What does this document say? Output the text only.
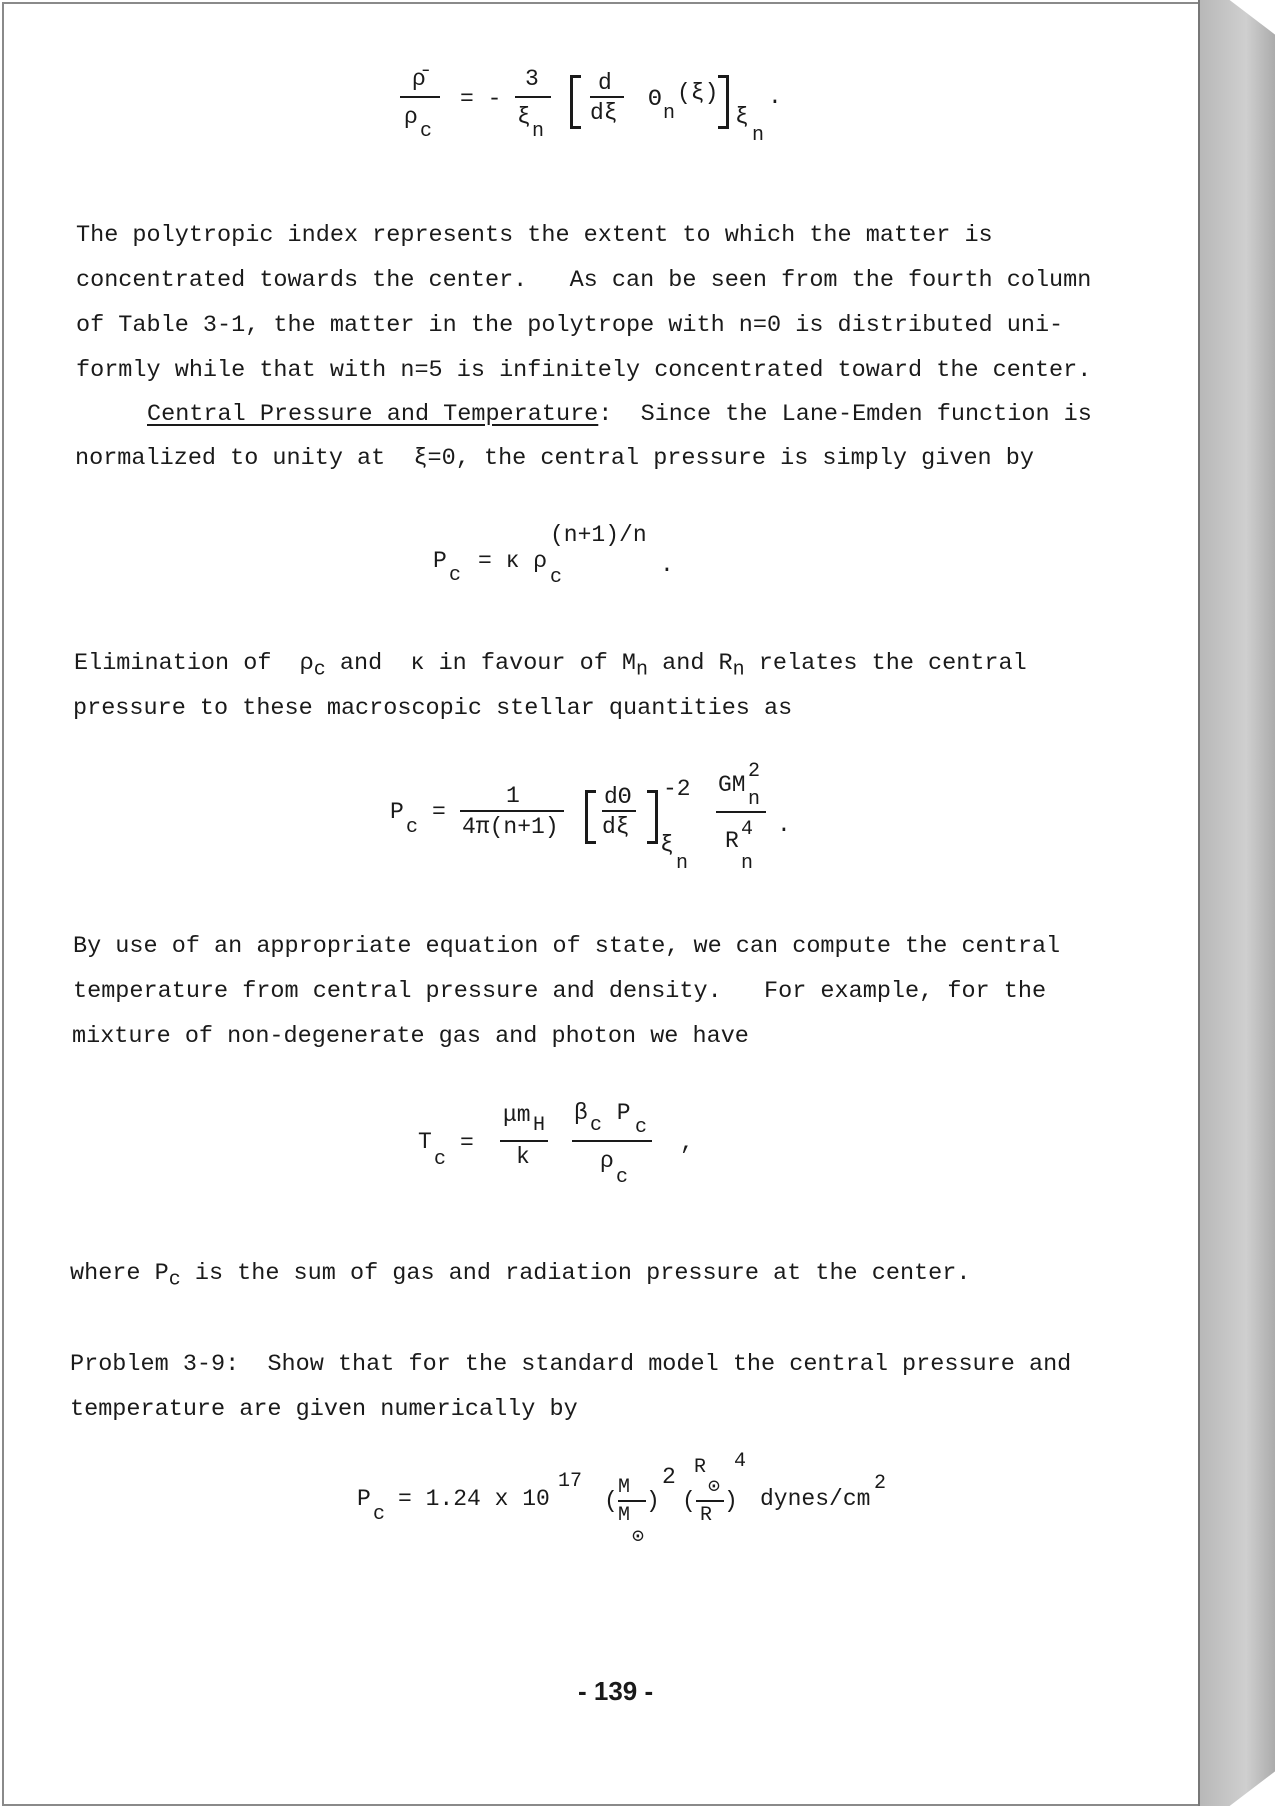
ρ̄
ρ
c
= -
3
ξ
n
d
dξ
Θ
n
(ξ)
ξ
n
.
The polytropic index represents the extent to which the matter is
concentrated towards the center.   As can be seen from the fourth column
of Table 3-1, the matter in the polytrope with n=0 is distributed uni-
formly while that with n=5 is infinitely concentrated toward the center.
Central Pressure and Temperature:  Since the Lane-Emden function is
normalized to unity at  ξ=0, the central pressure is simply given by
P
c
= κ ρ
c
(n+1)/n
.
Elimination of  $\rho_c$ and  κ in favour of $M_n$ and $R_n$ relates the central
pressure to these macroscopic stellar quantities as
P
c
=
1
4π(n+1)
dΘ
dξ
-2
ξ
n
GM
2
n
R 4
n
.
By use of an appropriate equation of state, we can compute the central
temperature from central pressure and density.   For example, for the
mixture of non-degenerate gas and photon we have
T
c
=
μm H
k
β c P
c
ρ
c
,
where $P_c$ is the sum of gas and radiation pressure at the center.
Problem 3-9:  Show that for the standard model the central pressure and
temperature are given numerically by
P
c
= 1.24 x 10
17
(
M
M
⊙
)
2
(
R
⊙
R
)
4
dynes/cm
2
- 139 -
